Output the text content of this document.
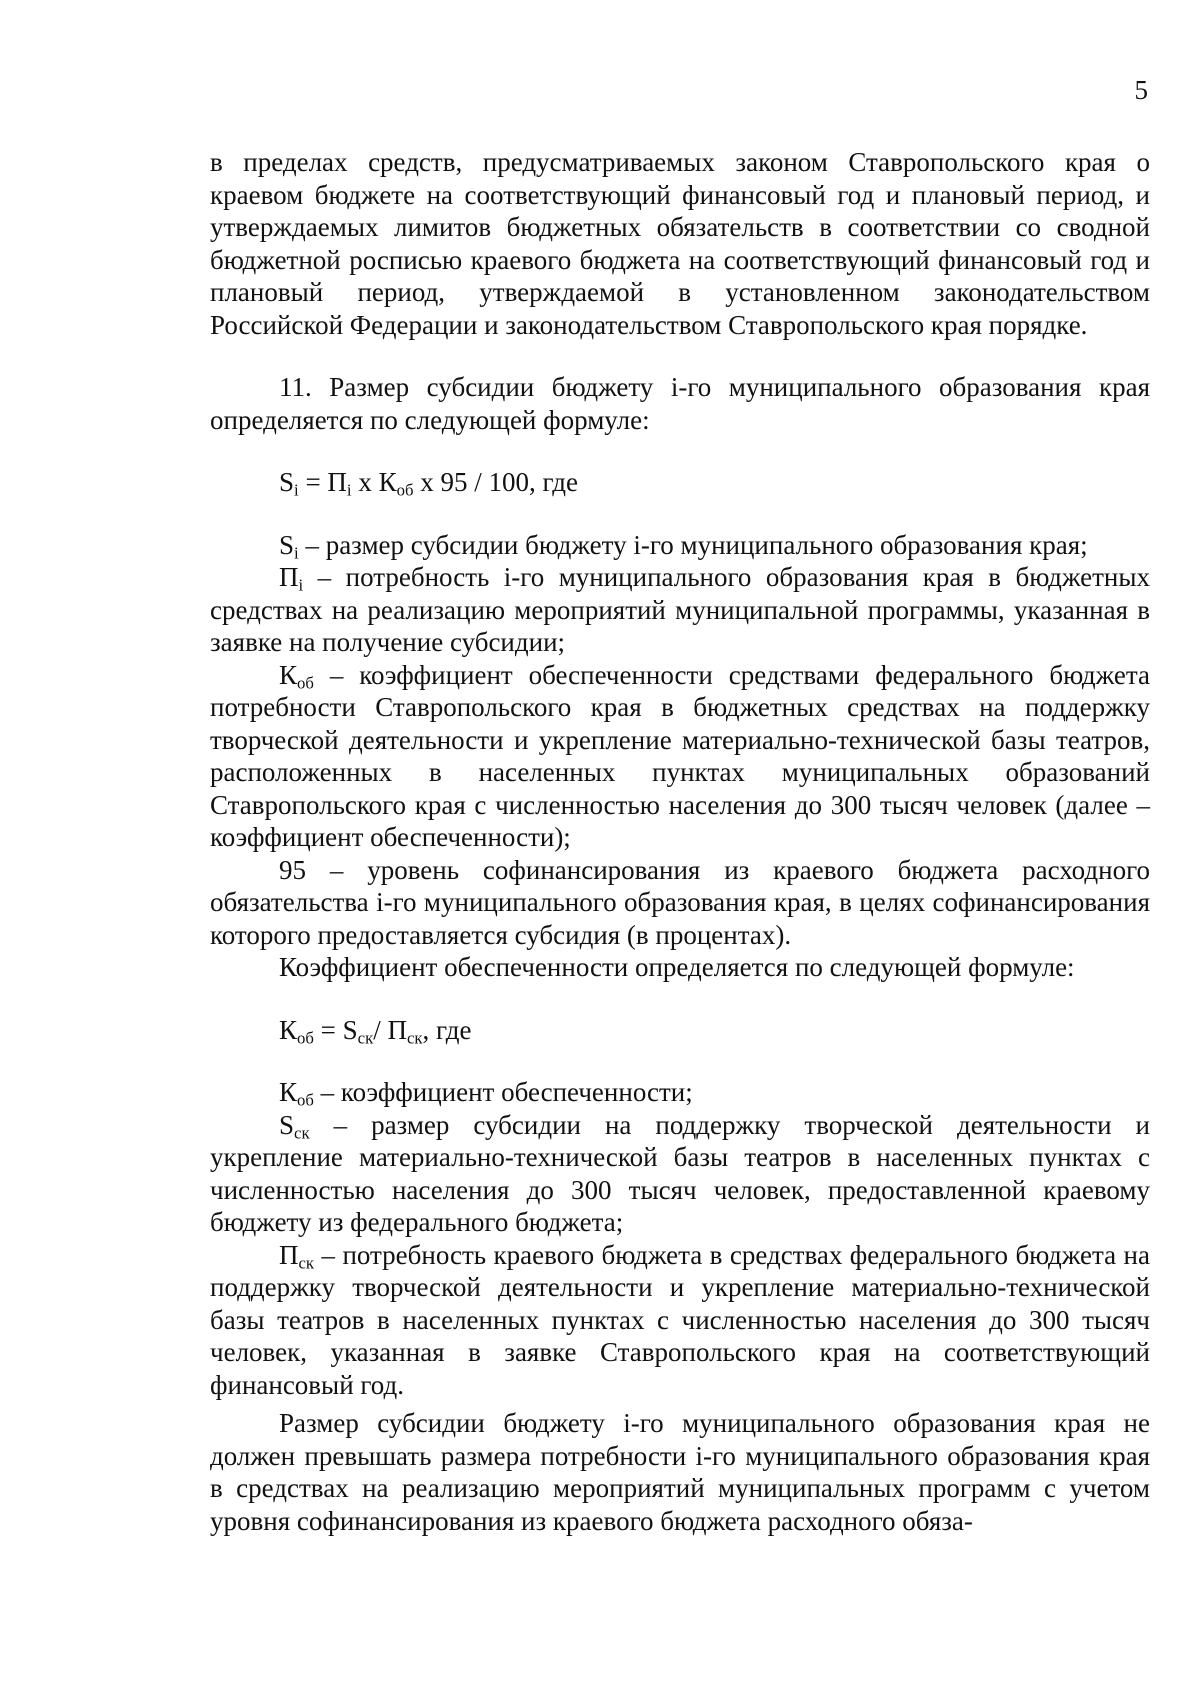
5

в пределах средств, предусматриваемых законом Ставропольского края о краевом бюджете на соответствующий финансовый год и плановый период, и утверждаемых лимитов бюджетных обязательств в соответствии со сводной бюджетной росписью краевого бюджета на соответствующий финансовый год и плановый период, утверждаемой в установленном законодательством Российской Федерации и законодательством Ставропольского края порядке.

11. Размер субсидии бюджету i-го муниципального образования края определяется по следующей формуле:

$S_i = П_i$ х $К_{об}$ х 95 / 100, где

$S_i$ – размер субсидии бюджету i-го муниципального образования края;

$П_i$ – потребность i-го муниципального образования края в бюджетных средствах на реализацию мероприятий муниципальной программы, указанная в заявке на получение субсидии;

$К_{об}$ – коэффициент обеспеченности средствами федерального бюджета потребности Ставропольского края в бюджетных средствах на поддержку творческой деятельности и укрепление материально-технической базы театров, расположенных в населенных пунктах муниципальных образований Ставропольского края с численностью населения до 300 тысяч человек (далее – коэффициент обеспеченности);

95 – уровень софинансирования из краевого бюджета расходного обязательства i-го муниципального образования края, в целях софинансирования которого предоставляется субсидия (в процентах).

Коэффициент обеспеченности определяется по следующей формуле:

$К_{об} = S_{ск}/$ $П_{ск}$, где

$К_{об}$ – коэффициент обеспеченности;

$S_{ск}$ – размер субсидии на поддержку творческой деятельности и укрепление материально-технической базы театров в населенных пунктах с численностью населения до 300 тысяч человек, предоставленной краевому бюджету из федерального бюджета;

$П_{ск}$ – потребность краевого бюджета в средствах федерального бюджета на поддержку творческой деятельности и укрепление материально-технической базы театров в населенных пунктах с численностью населения до 300 тысяч человек, указанная в заявке Ставропольского края на соответствующий финансовый год.

Размер субсидии бюджету i-го муниципального образования края не должен превышать размера потребности i-го муниципального образования края в средствах на реализацию мероприятий муниципальных программ с учетом уровня софинансирования из краевого бюджета расходного обяза-
